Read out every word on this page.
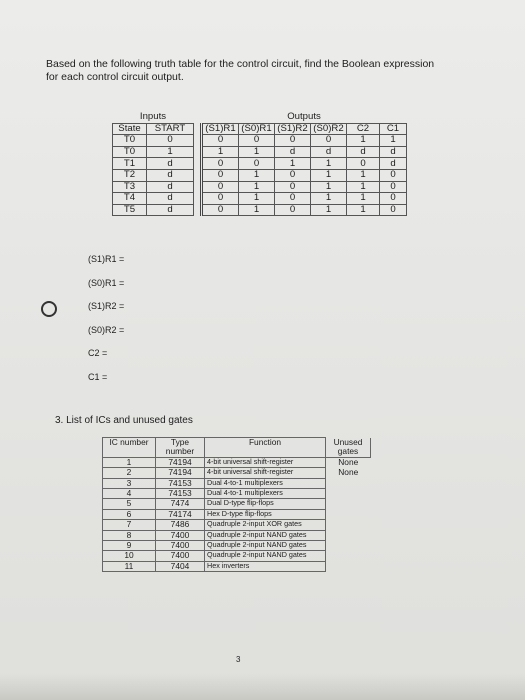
Based on the following truth table for the control circuit, find the Boolean expression for each control circuit output.
Inputs			Outputs					
State	START		(S1)R1	(S0)R1	(S1)R2	(S0)R2	C2	C1
T0	0		0	0	0	0	1	1
T0	1		1	1	d	d	d	d
T1	d		0	0	1	1	0	d
T2	d		0	1	0	1	1	0
T3	d		0	1	0	1	1	0
T4	d		0	1	0	1	1	0
T5	d		0	1	0	1	1	0
(S1)R1 =
(S0)R1 =
(S1)R2 =
(S0)R2 =
C2 =
C1 =
3. List of ICs and unused gates
IC number	Type number	Function	Unused gates
1	74194	4-bit universal shift-register	None
2	74194	4-bit universal shift-register	None
3	74153	Dual 4-to-1 multiplexers	
4	74153	Dual 4-to-1 multiplexers	
5	7474	Dual D-type flip-flops	
6	74174	Hex D-type flip-flops	
7	7486	Quadruple 2-input XOR gates	
8	7400	Quadruple 2-input NAND gates	
9	7400	Quadruple 2-input NAND gates	
10	7400	Quadruple 2-input NAND gates	
11	7404	Hex inverters	
3
